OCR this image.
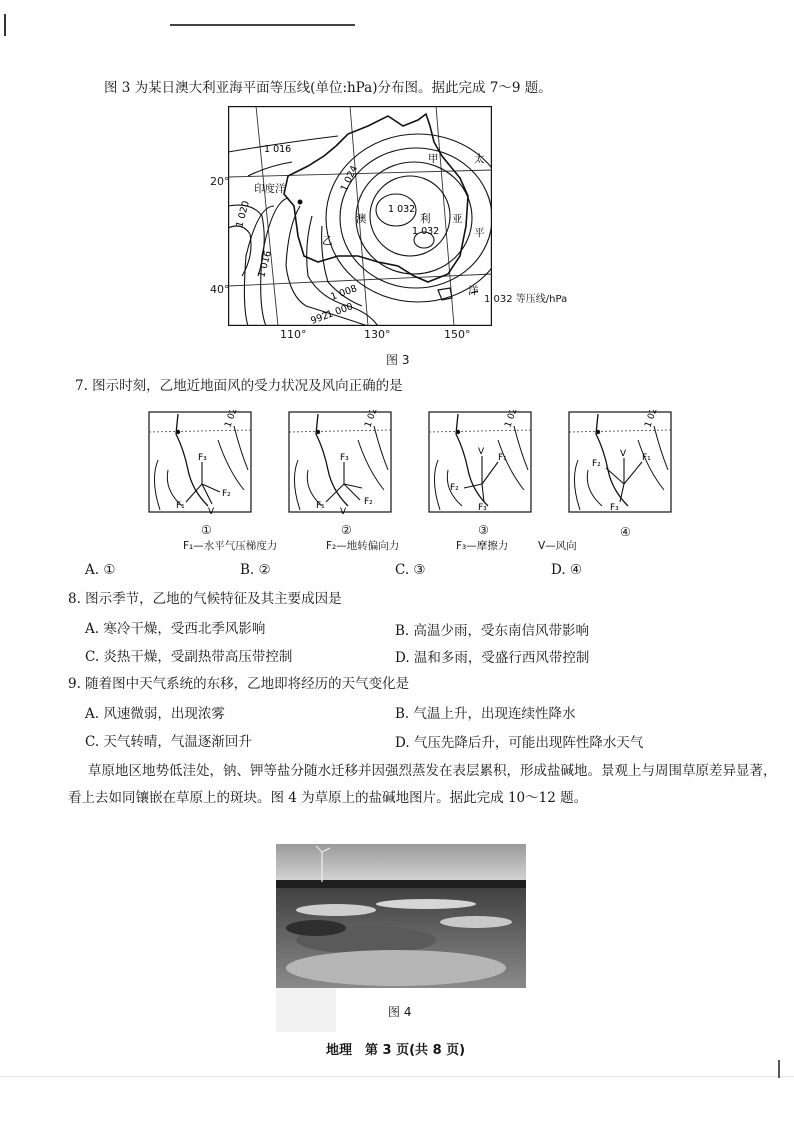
图 3 为某日澳大利亚海平面等压线(单位:hPa)分布图。据此完成 7～9 题。
1 016
1 024
1 032
1 032
1 020
1 016
1 008
1 000
992
印度洋
甲	太
平
洋
澳	利 亚
乙
20°
40°
110°	130°	150°
1 032 等压线/hPa
图 3
7. 图示时刻，乙地近地面风的受力状况及风向正确的是
1 024
F₃
F₂
F₁
V
1 024
F₃
F₂
F₁
V
1 024
V
F₁
F₂
F₃
1 024
V F₁
F₂
F₃
①	②	③	④
F₁—水平气压梯度力	F₂—地转偏向力	F₃—摩擦力	V—风向
A. ①	B. ②	C. ③	D. ④
8. 图示季节，乙地的气候特征及其主要成因是
A. 寒冷干燥，受西北季风影响	B. 高温少雨，受东南信风带影响
C. 炎热干燥，受副热带高压带控制	D. 温和多雨，受盛行西风带控制
9. 随着图中天气系统的东移，乙地即将经历的天气变化是
A. 风速微弱，出现浓雾	B. 气温上升，出现连续性降水
C. 天气转晴，气温逐渐回升	D. 气压先降后升，可能出现阵性降水天气
草原地区地势低洼处，钠、钾等盐分随水迁移并因强烈蒸发在表层累积，形成盐碱地。景观上与周围草原差异显著，看上去如同镶嵌在草原上的斑块。图 4 为草原上的盐碱地图片。据此完成 10～12 题。
图 4
地理　第 3 页(共 8 页)
